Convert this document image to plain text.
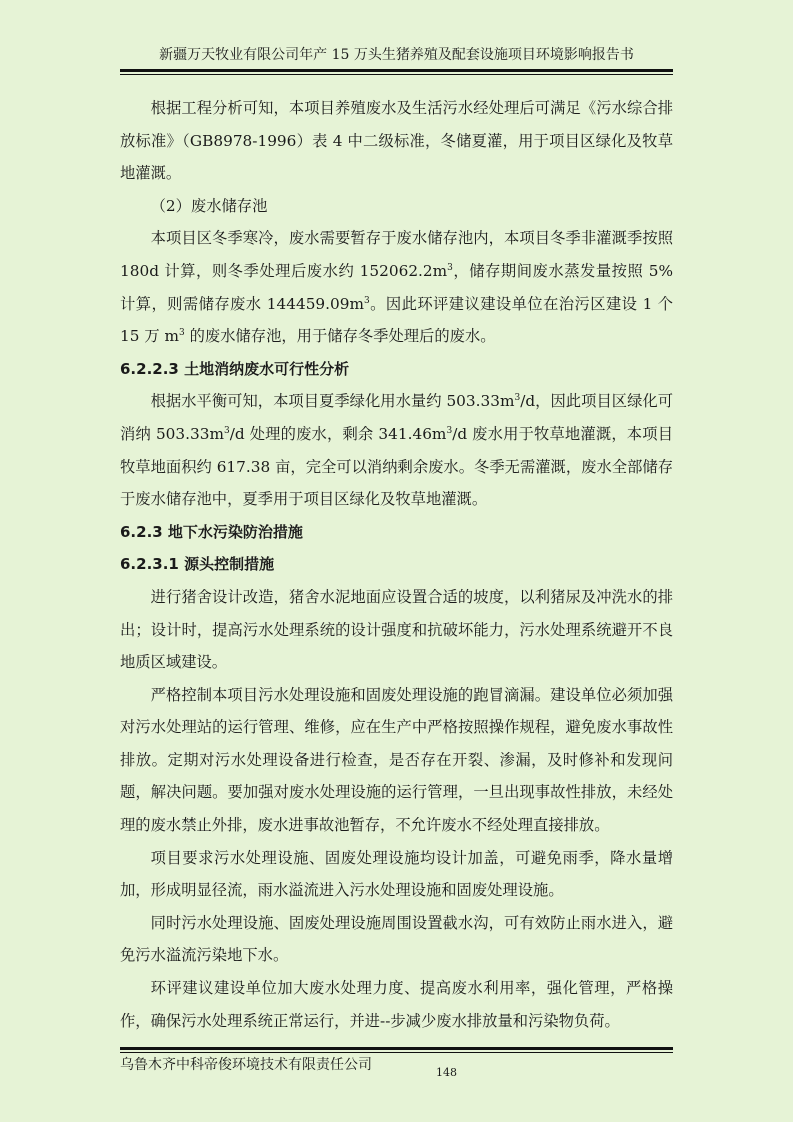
新疆万天牧业有限公司年产 15 万头生猪养殖及配套设施项目环境影响报告书

根据工程分析可知，本项目养殖废水及生活污水经处理后可满足《污水综合排放标准》（GB8978-1996）表 4 中二级标准，冬储夏灌，用于项目区绿化及牧草地灌溉。

（2）废水储存池

本项目区冬季寒冷，废水需要暂存于废水储存池内，本项目冬季非灌溉季按照 180d 计算，则冬季处理后废水约 $152062.2m^3$，储存期间废水蒸发量按照 5%计算，则需储存废水 $144459.09m^3$。因此环评建议建设单位在治污区建设 1 个 15 万 $m^3$ 的废水储存池，用于储存冬季处理后的废水。

6.2.2.3 土地消纳废水可行性分析

根据水平衡可知，本项目夏季绿化用水量约 $503.33m^3/d$，因此项目区绿化可消纳 $503.33m^3/d$ 处理的废水，剩余 $341.46m^3/d$ 废水用于牧草地灌溉，本项目牧草地面积约 617.38 亩，完全可以消纳剩余废水。冬季无需灌溉，废水全部储存于废水储存池中，夏季用于项目区绿化及牧草地灌溉。

6.2.3 地下水污染防治措施
6.2.3.1 源头控制措施

进行猪舍设计改造，猪舍水泥地面应设置合适的坡度，以利猪尿及冲洗水的排出；设计时，提高污水处理系统的设计强度和抗破坏能力，污水处理系统避开不良地质区域建设。

严格控制本项目污水处理设施和固废处理设施的跑冒滴漏。建设单位必须加强对污水处理站的运行管理、维修，应在生产中严格按照操作规程，避免废水事故性排放。定期对污水处理设备进行检查，是否存在开裂、渗漏，及时修补和发现问题，解决问题。要加强对废水处理设施的运行管理，一旦出现事故性排放，未经处理的废水禁止外排，废水进事故池暂存，不允许废水不经处理直接排放。

项目要求污水处理设施、固废处理设施均设计加盖，可避免雨季，降水量增加，形成明显径流，雨水溢流进入污水处理设施和固废处理设施。

同时污水处理设施、固废处理设施周围设置截水沟，可有效防止雨水进入，避免污水溢流污染地下水。

环评建议建设单位加大废水处理力度、提高废水利用率，强化管理，严格操作，确保污水处理系统正常运行，并进--步减少废水排放量和污染物负荷。

乌鲁木齐中科帝俊环境技术有限责任公司	148
